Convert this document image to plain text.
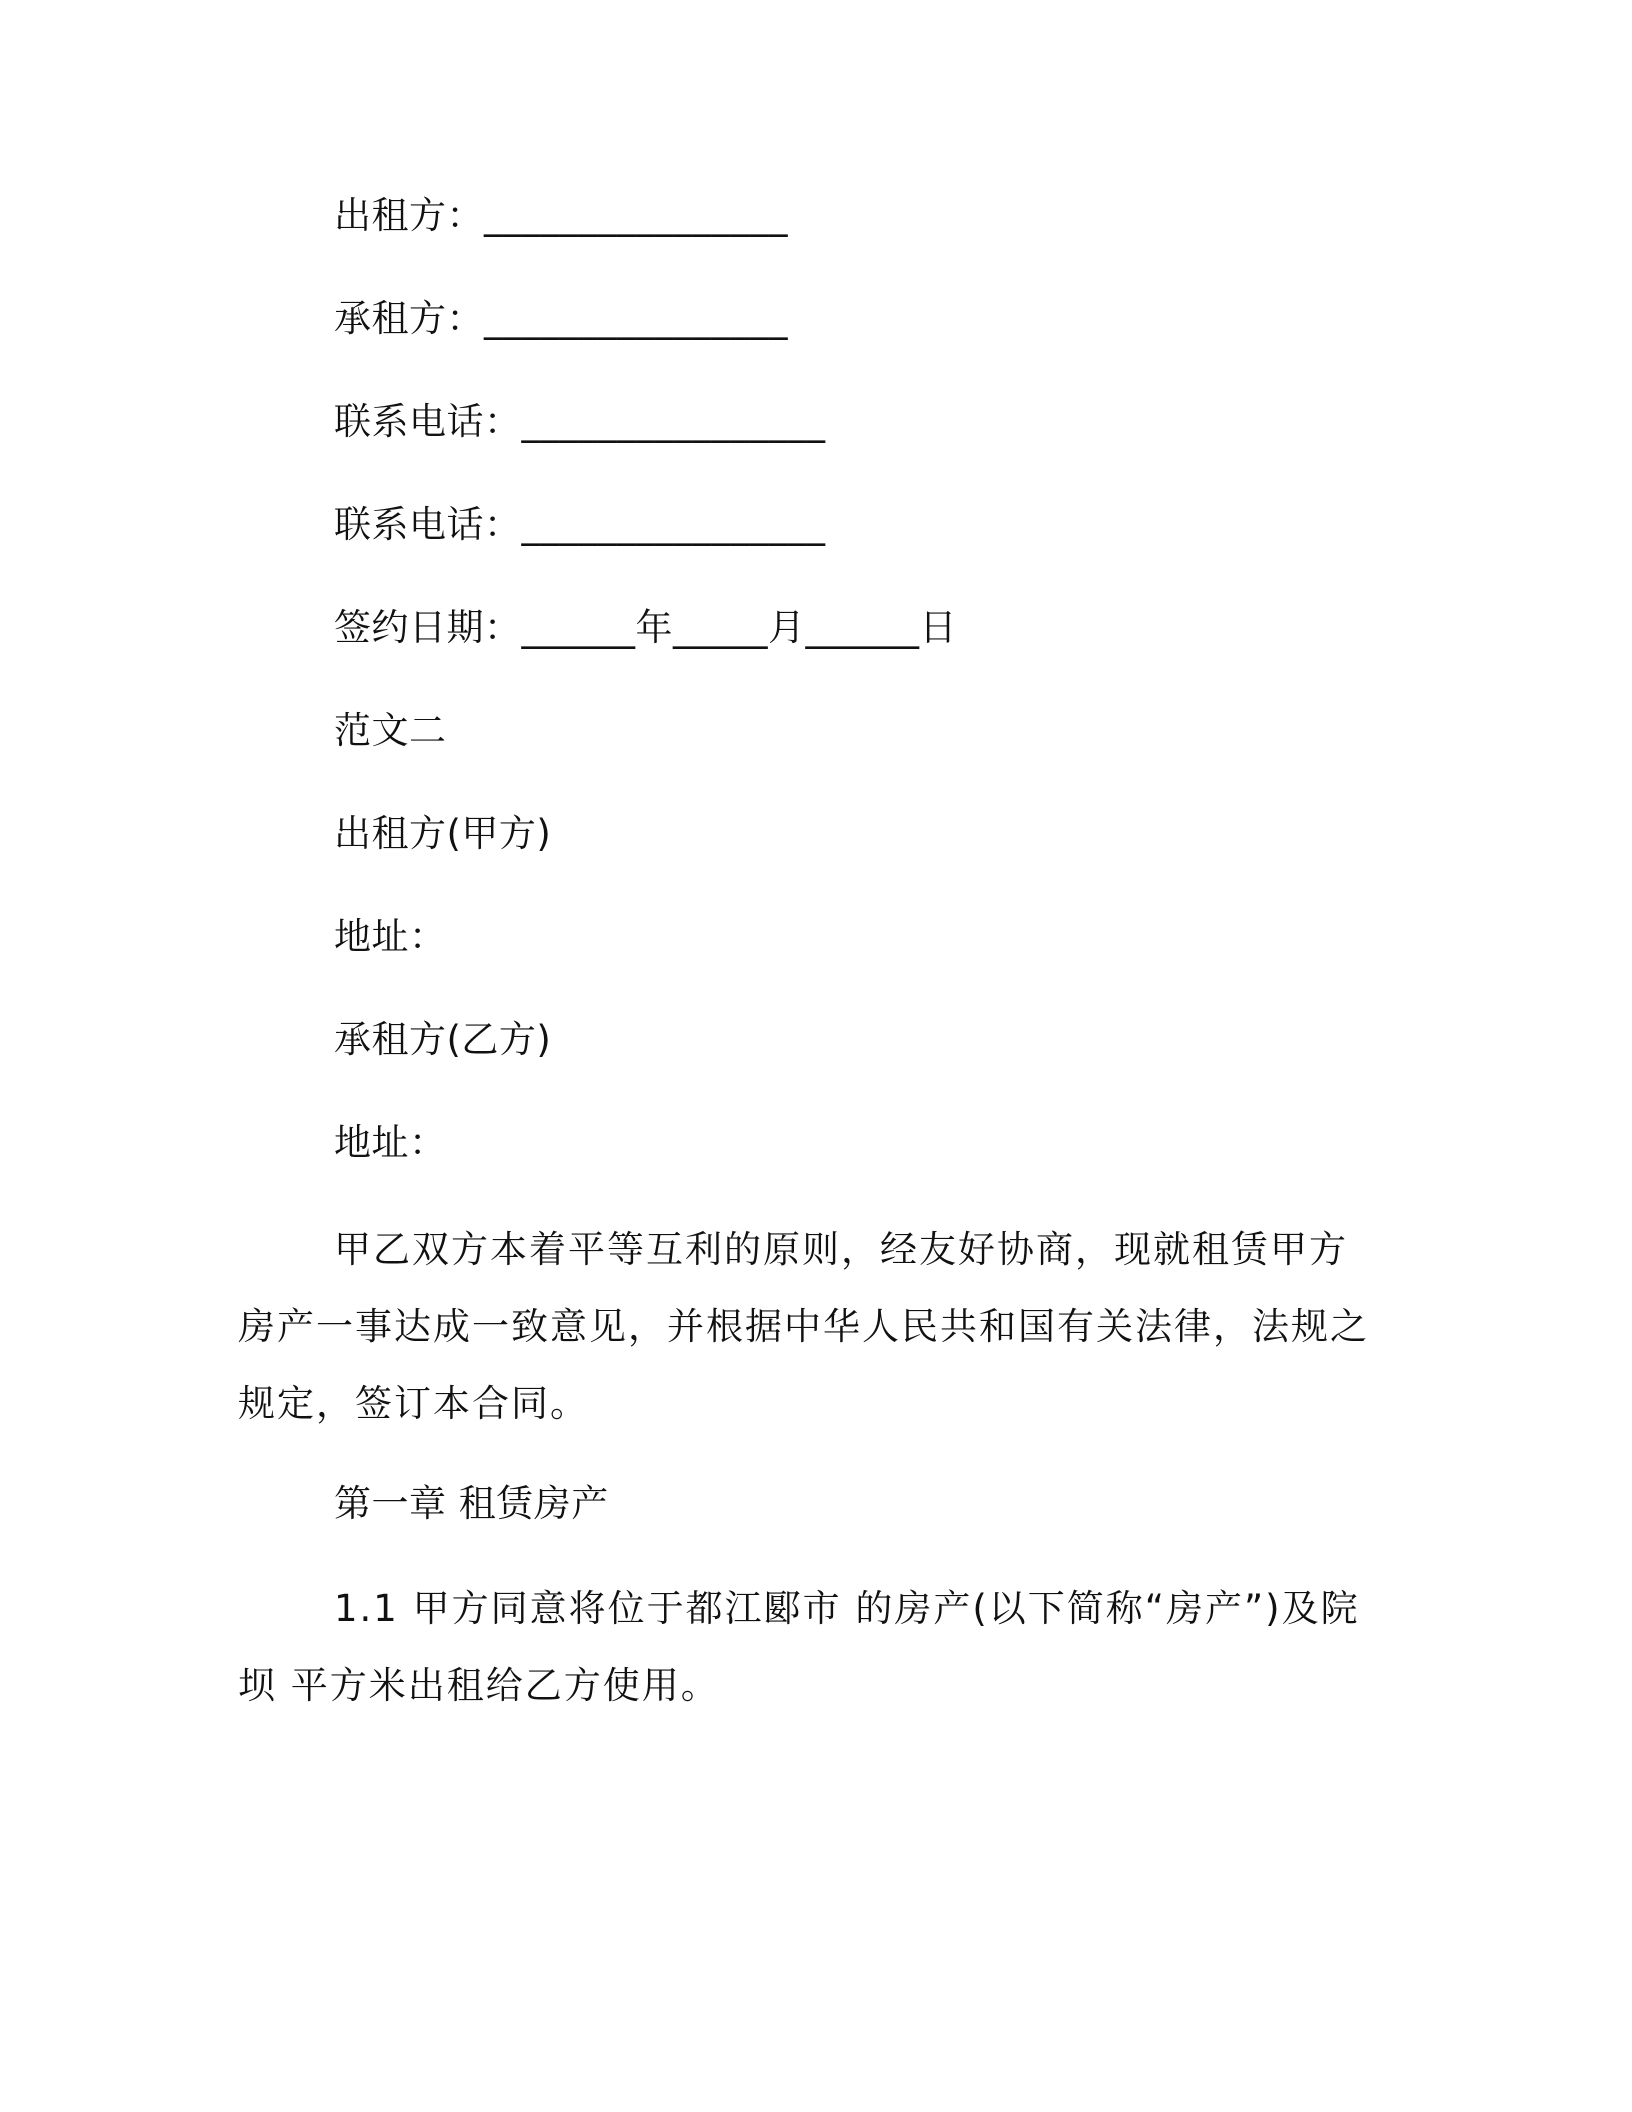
出租方：________________
承租方：________________
联系电话：________________
联系电话：________________
签约日期：______年_____月______日
范文二
出租方(甲方)
地址：
承租方(乙方)
地址：
甲乙双方本着平等互利的原则，经友好协商，现就租赁甲方房产一事达成一致意见，并根据中华人民共和国有关法律，法规之规定，签订本合同。
第一章 租赁房产
1.1 甲方同意将位于都江郾市 的房产(以下简称“房产”)及院坝 平方米出租给乙方使用。
